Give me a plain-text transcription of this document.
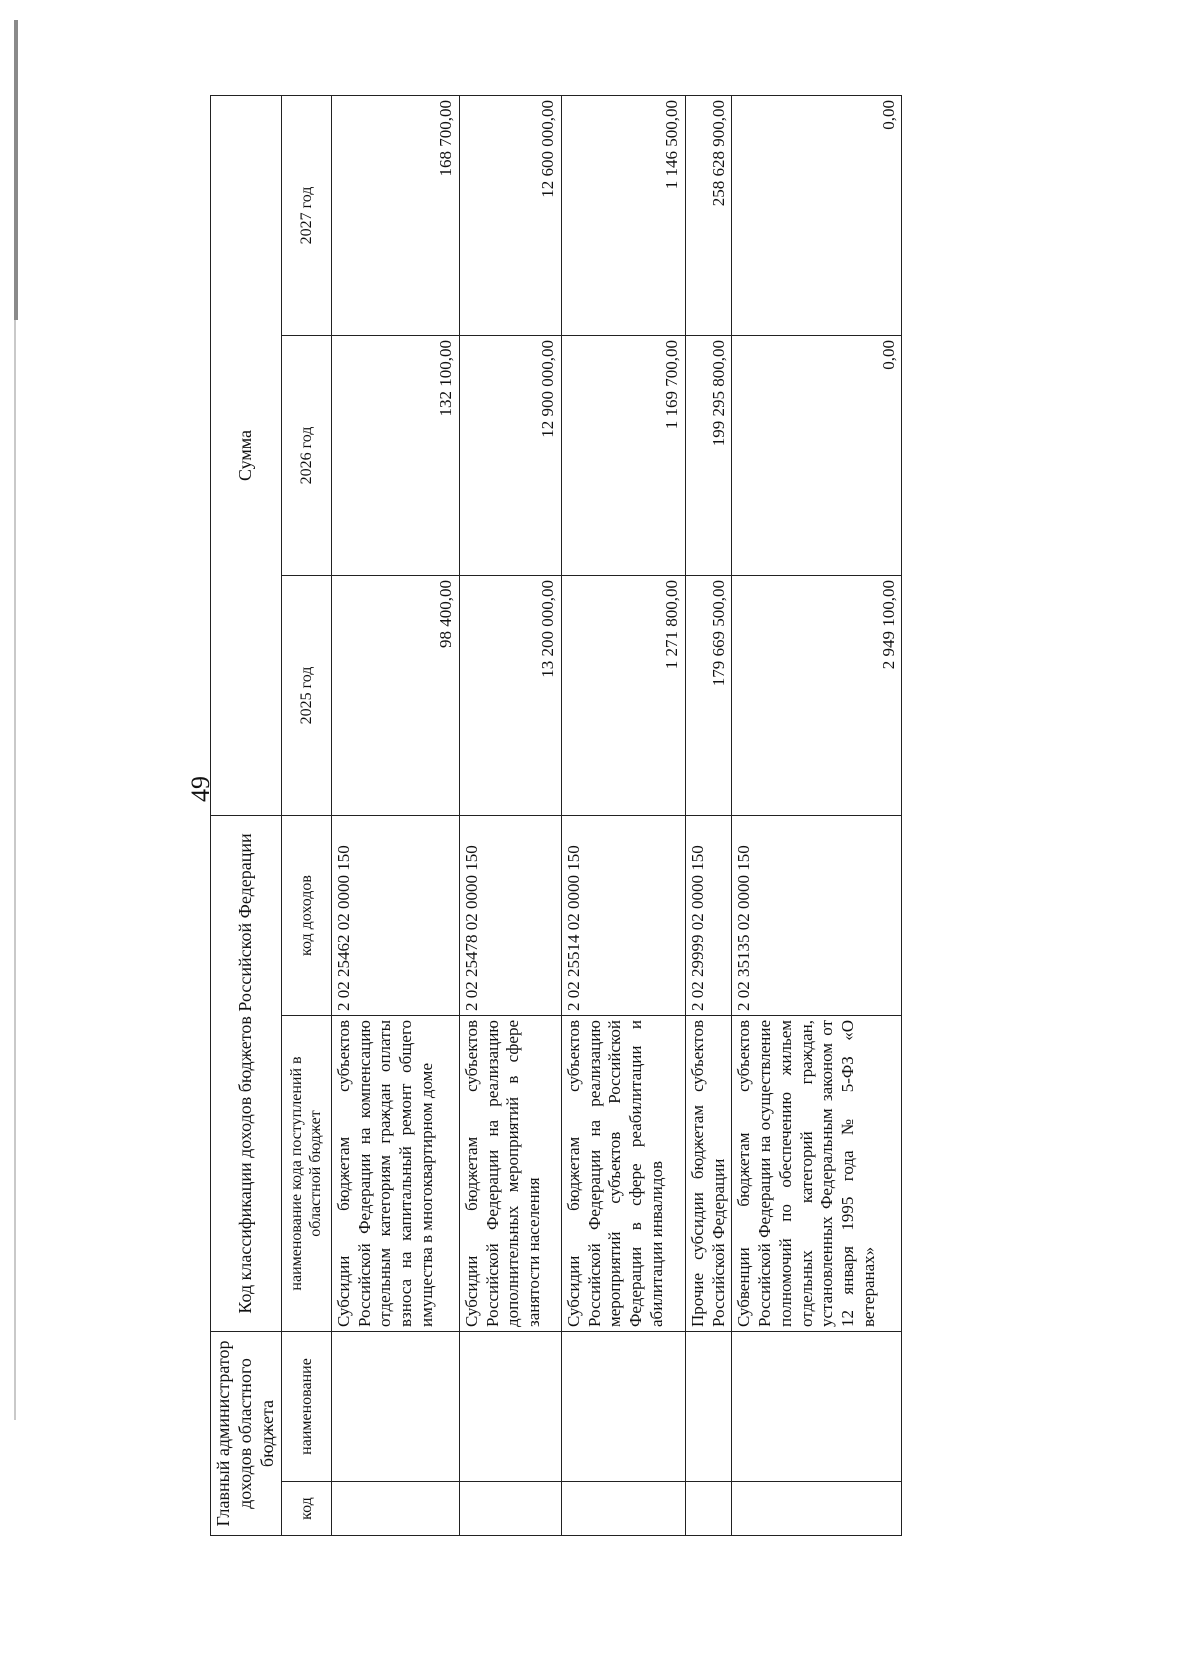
49
Главный администратор доходов областного бюджета		Код классификации доходов бюджетов Российской Федерации		Сумма		
код	наименование	наименование кода поступлений в областной бюджет	код доходов	2025 год	2026 год	2027 год
		Субсидии бюджетам субъектов Российской Федерации на компенсацию отдельным категориям граждан оплаты взноса на капитальный ремонт общего имущества в многоквартирном доме	2 02 25462 02 0000 150	98 400,00	132 100,00	168 700,00
		Субсидии бюджетам субъектов Российской Федерации на реализацию дополнительных мероприятий в сфере занятости населения	2 02 25478 02 0000 150	13 200 000,00	12 900 000,00	12 600 000,00
		Субсидии бюджетам субъектов Российской Федерации на реализацию мероприятий субъектов Российской Федерации в сфере реабилитации и абилитации инвалидов	2 02 25514 02 0000 150	1 271 800,00	1 169 700,00	1 146 500,00
		Прочие субсидии бюджетам субъектов Российской Федерации	2 02 29999 02 0000 150	179 669 500,00	199 295 800,00	258 628 900,00
		Субвенции бюджетам субъектов Российской Федерации на осуществление полномочий по обеспечению жильем отдельных категорий граждан, установленных Федеральным законом от 12 января 1995 года № 5-ФЗ «О ветеранах»	2 02 35135 02 0000 150	2 949 100,00	0,00	0,00
